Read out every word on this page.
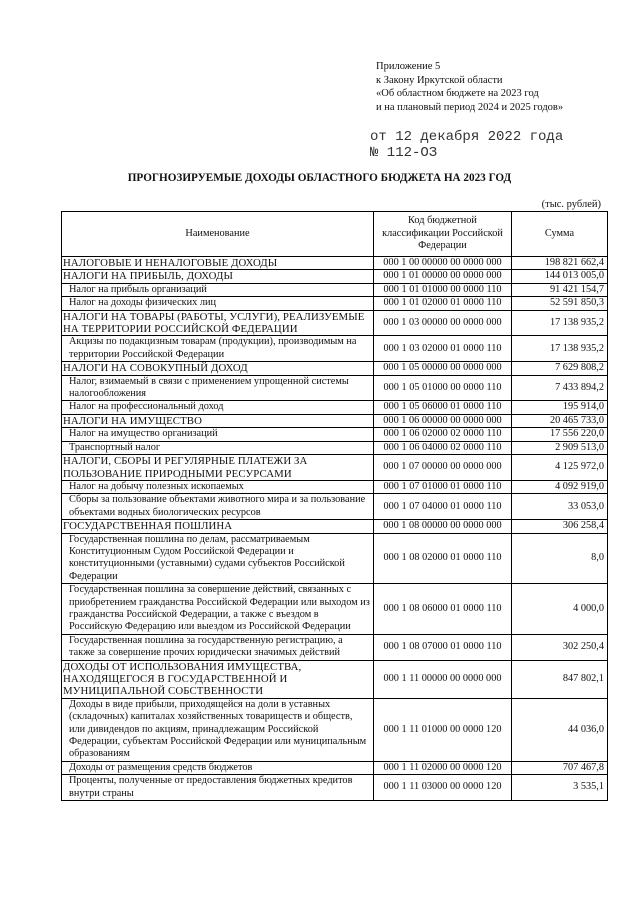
Приложение 5
к Закону Иркутской области
«Об областном бюджете на 2023 год
и на плановый период 2024 и 2025 годов»
от 12 декабря 2022 года
№ 112-ОЗ
ПРОГНОЗИРУЕМЫЕ ДОХОДЫ ОБЛАСТНОГО БЮДЖЕТА НА 2023 ГОД
(тыс. рублей)
Наименование	Код бюджетной классификации Российской Федерации	Сумма
НАЛОГОВЫЕ И НЕНАЛОГОВЫЕ ДОХОДЫ	000 1 00 00000 00 0000 000	198 821 662,4
НАЛОГИ НА ПРИБЫЛЬ, ДОХОДЫ	000 1 01 00000 00 0000 000	144 013 005,0
Налог на прибыль организаций	000 1 01 01000 00 0000 110	91 421 154,7
Налог на доходы физических лиц	000 1 01 02000 01 0000 110	52 591 850,3
НАЛОГИ НА ТОВАРЫ (РАБОТЫ, УСЛУГИ), РЕАЛИЗУЕМЫЕ НА ТЕРРИТОРИИ РОССИЙСКОЙ ФЕДЕРАЦИИ	000 1 03 00000 00 0000 000	17 138 935,2
Акцизы по подакцизным товарам (продукции), производимым на территории Российской Федерации	000 1 03 02000 01 0000 110	17 138 935,2
НАЛОГИ НА СОВОКУПНЫЙ ДОХОД	000 1 05 00000 00 0000 000	7 629 808,2
Налог, взимаемый в связи с применением упрощенной системы налогообложения	000 1 05 01000 00 0000 110	7 433 894,2
Налог на профессиональный доход	000 1 05 06000 01 0000 110	195 914,0
НАЛОГИ НА ИМУЩЕСТВО	000 1 06 00000 00 0000 000	20 465 733,0
Налог на имущество организаций	000 1 06 02000 02 0000 110	17 556 220,0
Транспортный налог	000 1 06 04000 02 0000 110	2 909 513,0
НАЛОГИ, СБОРЫ И РЕГУЛЯРНЫЕ ПЛАТЕЖИ ЗА ПОЛЬЗОВАНИЕ ПРИРОДНЫМИ РЕСУРСАМИ	000 1 07 00000 00 0000 000	4 125 972,0
Налог на добычу полезных ископаемых	000 1 07 01000 01 0000 110	4 092 919,0
Сборы за пользование объектами животного мира и за пользование объектами водных биологических ресурсов	000 1 07 04000 01 0000 110	33 053,0
ГОСУДАРСТВЕННАЯ ПОШЛИНА	000 1 08 00000 00 0000 000	306 258,4
Государственная пошлина по делам, рассматриваемым Конституционным Судом Российской Федерации и конституционными (уставными) судами субъектов Российской Федерации	000 1 08 02000 01 0000 110	8,0
Государственная пошлина за совершение действий, связанных с приобретением гражданства Российской Федерации или выходом из гражданства Российской Федерации, а также с въездом в Российскую Федерацию или выездом из Российской Федерации	000 1 08 06000 01 0000 110	4 000,0
Государственная пошлина за государственную регистрацию, а также за совершение прочих юридически значимых действий	000 1 08 07000 01 0000 110	302 250,4
ДОХОДЫ ОТ ИСПОЛЬЗОВАНИЯ ИМУЩЕСТВА, НАХОДЯЩЕГОСЯ В ГОСУДАРСТВЕННОЙ И МУНИЦИПАЛЬНОЙ СОБСТВЕННОСТИ	000 1 11 00000 00 0000 000	847 802,1
Доходы в виде прибыли, приходящейся на доли в уставных (складочных) капиталах хозяйственных товариществ и обществ, или дивидендов по акциям, принадлежащим Российской Федерации, субъектам Российской Федерации или муниципальным образованиям	000 1 11 01000 00 0000 120	44 036,0
Доходы от размещения средств бюджетов	000 1 11 02000 00 0000 120	707 467,8
Проценты, полученные от предоставления бюджетных кредитов внутри страны	000 1 11 03000 00 0000 120	3 535,1
